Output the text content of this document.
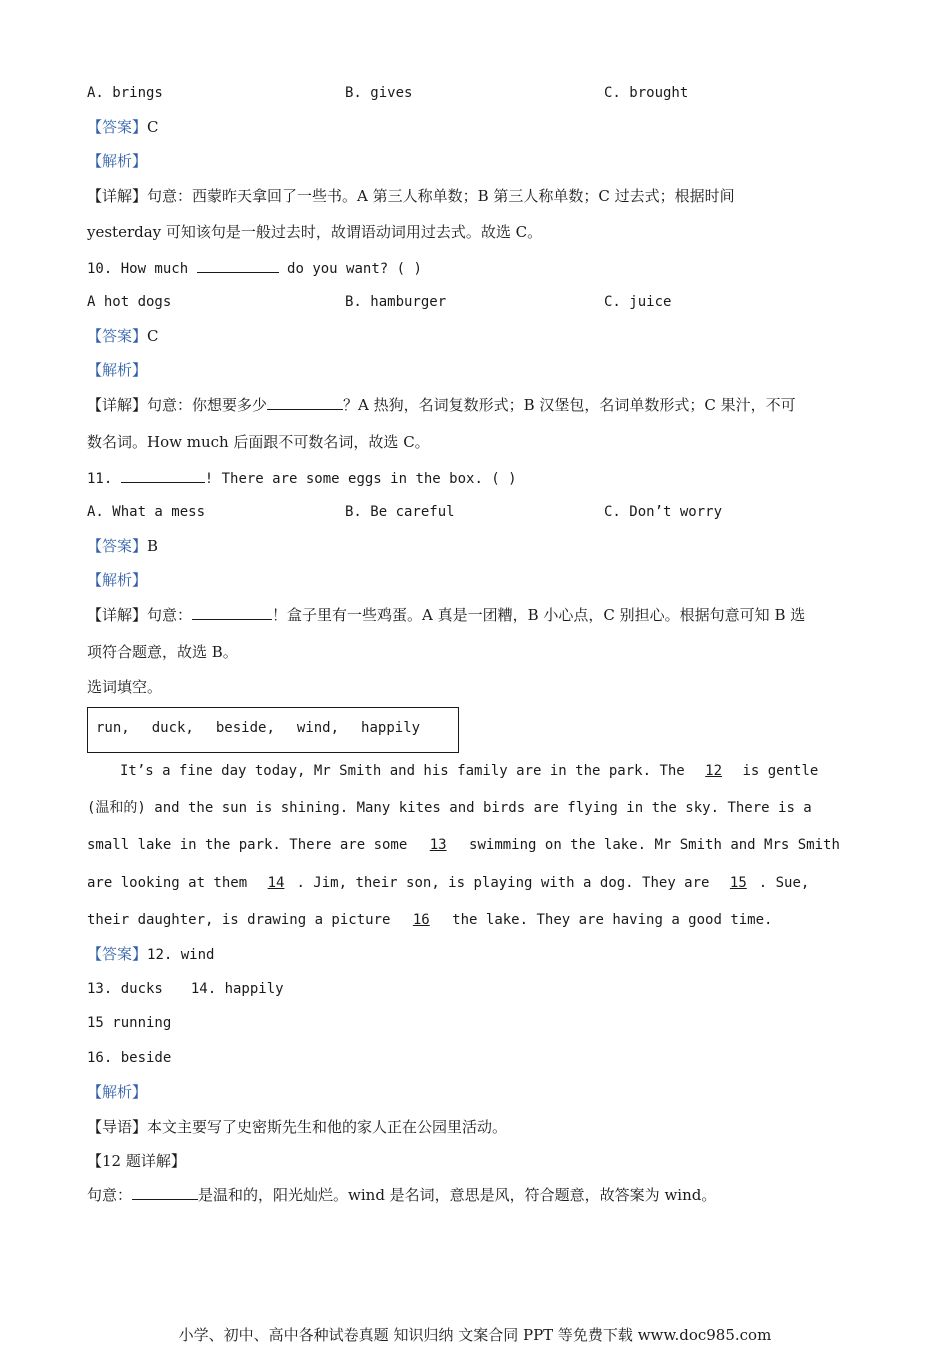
A. brings	B. gives	C. brought
【答案】C
【解析】
【详解】句意：西蒙昨天拿回了一些书。A 第三人称单数；B 第三人称单数；C 过去式；根据时间
yesterday 可知该句是一般过去时，故谓语动词用过去式。故选 C。
10. How much	do you want? ( )
A hot dogs	B. hamburger	C. juice
【答案】C
【解析】
【详解】句意：你想要多少	？A 热狗，名词复数形式；B 汉堡包，名词单数形式；C 果汁，不可
数名词。How much 后面跟不可数名词，故选 C。
11.	! There are some eggs in the box. ( )
A. What a mess	B. Be careful	C. Don’t worry
【答案】B
【解析】
【详解】句意：	！盒子里有一些鸡蛋。A 真是一团糟，B 小心点，C 别担心。根据句意可知 B 选
项符合题意，故选 B。
选词填空。
run, duck, beside, wind, happily
It’s a fine day today, Mr Smith and his family are in the park. The 12 is gentle
(温和的) and the sun is shining. Many kites and birds are flying in the sky. There is a
small lake in the park. There are some 13 swimming on the lake. Mr Smith and Mrs Smith
are looking at them 14 . Jim, their son, is playing with a dog. They are 15 . Sue,
their daughter, is drawing a picture 16 the lake. They are having a good time.
【答案】12. wind
13. ducks 14. happily
15 running
16. beside
【解析】
【导语】本文主要写了史密斯先生和他的家人正在公园里活动。
【12 题详解】
句意：	是温和的，阳光灿烂。wind 是名词，意思是风，符合题意，故答案为 wind。
小学、初中、高中各种试卷真题 知识归纳 文案合同 PPT 等免费下载 www.doc985.com
